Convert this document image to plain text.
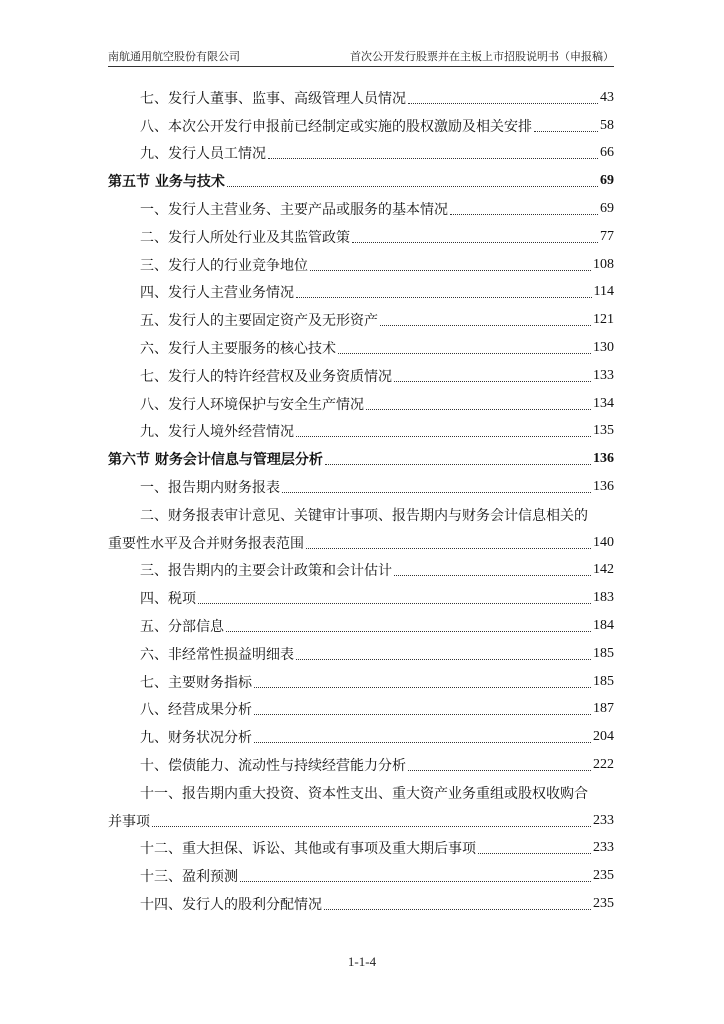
南航通用航空股份有限公司	首次公开发行股票并在主板上市招股说明书（申报稿）
七、发行人董事、监事、高级管理人员情况	43
八、本次公开发行申报前已经制定或实施的股权激励及相关安排	58
九、发行人员工情况	66
第五节 业务与技术	69
一、发行人主营业务、主要产品或服务的基本情况	69
二、发行人所处行业及其监管政策	77
三、发行人的行业竞争地位	108
四、发行人主营业务情况	114
五、发行人的主要固定资产及无形资产	121
六、发行人主要服务的核心技术	130
七、发行人的特许经营权及业务资质情况	133
八、发行人环境保护与安全生产情况	134
九、发行人境外经营情况	135
第六节 财务会计信息与管理层分析	136
一、报告期内财务报表	136
二、财务报表审计意见、关键审计事项、报告期内与财务会计信息相关的
重要性水平及合并财务报表范围	140
三、报告期内的主要会计政策和会计估计	142
四、税项	183
五、分部信息	184
六、非经常性损益明细表	185
七、主要财务指标	185
八、经营成果分析	187
九、财务状况分析	204
十、偿债能力、流动性与持续经营能力分析	222
十一、报告期内重大投资、资本性支出、重大资产业务重组或股权收购合
并事项	233
十二、重大担保、诉讼、其他或有事项及重大期后事项	233
十三、盈利预测	235
十四、发行人的股利分配情况	235
1-1-4
